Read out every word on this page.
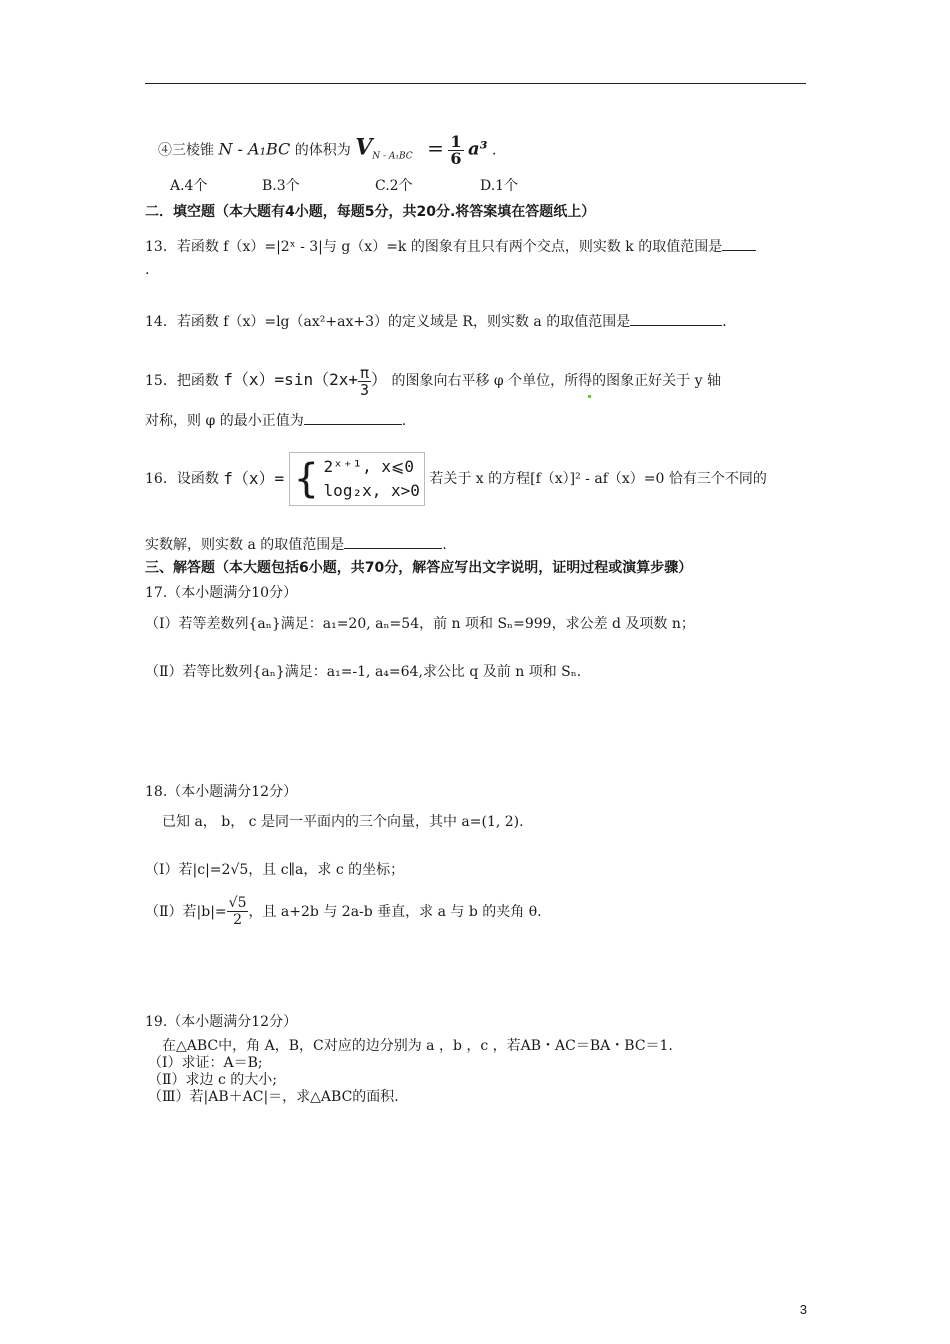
④三棱锥 N - A₁BC 的体积为 $V_{N - A_1BC} = \frac{1}{6} a^3$ .
A.4个	B.3个	C.2个	D.1个
二．填空题（本大题有4小题，每题5分，共20分.将答案填在答题纸上）
13．若函数 f（x）=|2ˣ - 3|与 g（x）=k 的图象有且只有两个交点，则实数 k 的取值范围是
.
14．若函数 f（x）=lg（ax²+ax+3）的定义域是 R，则实数 a 的取值范围是	.
15．把函数 $f(x)=\sin(2x+ \frac{\pi}{3}$ ） 的图象向右平移 φ 个单位，所得的图象正好关于 y 轴
对称，则 φ 的最小正值为	.
16．设函数 f（x）= { 2ˣ⁺¹, x⩽0
log₂x, x>0
若关于 x 的方程[f（x）]² - af（x）=0 恰有三个不同的
实数解，则实数 a 的取值范围是	.
三、解答题（本大题包括6小题，共70分，解答应写出文字说明，证明过程或演算步骤）
17.（本小题满分10分）
（Ⅰ）若等差数列{aₙ}满足：a₁=20, aₙ=54，前 n 项和 Sₙ=999，求公差 d 及项数 n；
（Ⅱ）若等比数列{aₙ}满足：a₁=-1, a₄=64,求公比 q 及前 n 项和 Sₙ.
18.（本小题满分12分）
已知 a， b， c 是同一平面内的三个向量，其中 a=(1, 2).
（Ⅰ）若|c|=2√5，且 c∥a，求 c 的坐标；
（Ⅱ）若$|b|= \frac{√5}{2}$ ，且 a+2b 与 2a-b 垂直，求 a 与 b 的夹角 θ.
19.（本小题满分12分）
在△ABC中，角 A，B，C对应的边分别为 a ，b ，c ，若AB・AC＝BA・BC＝1.
（Ⅰ）求证：A＝B;
（Ⅱ）求边 c 的大小;
（Ⅲ）若|AB＋AC|＝，求△ABC的面积.
3
